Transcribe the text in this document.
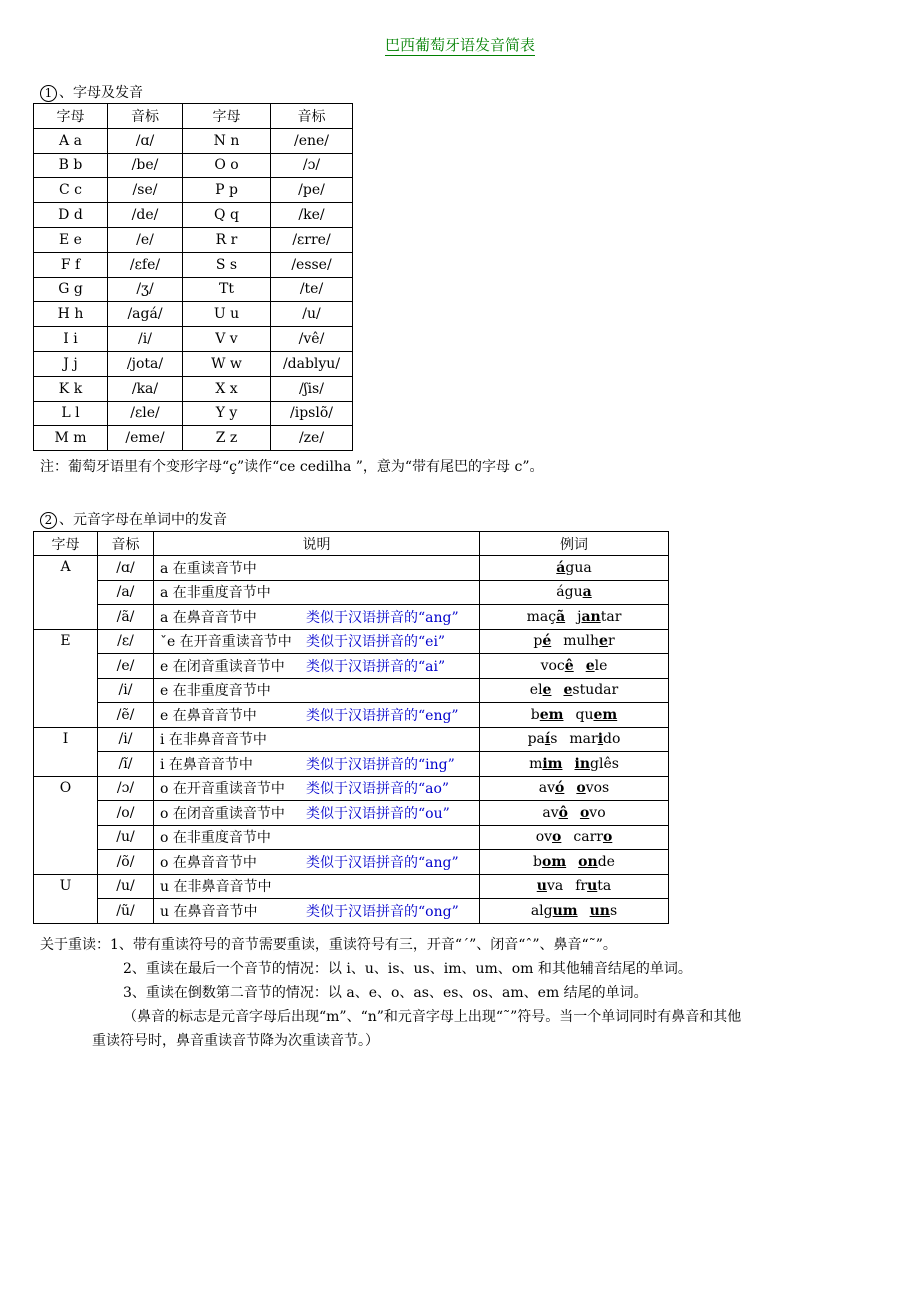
巴西葡萄牙语发音简表
1 、字母及发音
字母	音标	字母	音标
A a	/ɑ/	N n	/ene/
B b	/be/	O o	/ɔ/
C c	/se/	P p	/pe/
D d	/de/	Q q	/ke/
E e	/e/	R r	/εrre/
F f	/εfe/	S s	/esse/
G g	/ʒ/	Tt	/te/
H h	/agá/	U u	/u/
I i	/i/	V v	/vê/
J j	/jota/	W w	/dablyu/
K k	/ka/	X x	/ʃis/
L l	/εle/	Y y	/ipslõ/
M m	/eme/	Z z	/ze/
注：葡萄牙语里有个变形字母“ç”读作“ce cedilha ”，意为“带有尾巴的字母 c”。
2 、元音字母在单词中的发音
字母	音标	说明	例词
A	/ɑ/	a 在重读音节中	água
	/a/	a 在非重度音节中	água
	/ã/	a 在鼻音音节中 类似于汉语拼音的“ang”	maçã jantar
E	/ε/	ˇe 在开音重读音节中 类似于汉语拼音的“ei”	pé mulher
	/e/	e 在闭音重读音节中 类似于汉语拼音的“ai”	você ele
	/i/	e 在非重度音节中	ele estudar
	/ẽ/	e 在鼻音音节中 类似于汉语拼音的“eng”	bem quem
I	/i/	i 在非鼻音音节中	país marido
	/ĩ/	i 在鼻音音节中 类似于汉语拼音的“ing”	mim inglês
O	/ɔ/	o 在开音重读音节中 类似于汉语拼音的“ao”	avó ovos
	/o/	o 在闭音重读音节中 类似于汉语拼音的“ou”	avô ovo
	/u/	o 在非重度音节中	ovo carro
	/õ/	o 在鼻音音节中 类似于汉语拼音的“ang”	bom onde
U	/u/	u 在非鼻音音节中	uva fruta
	/ũ/	u 在鼻音音节中 类似于汉语拼音的“ong”	algum uns
关于重读：1、带有重读符号的音节需要重读，重读符号有三，开音“ˊ”、闭音“ˆ”、鼻音“˜”。
2、重读在最后一个音节的情况：以 i、u、is、us、im、um、om 和其他辅音结尾的单词。
3、重读在倒数第二音节的情况：以 a、e、o、as、es、os、am、em 结尾的单词。
（鼻音的标志是元音字母后出现“m”、“n”和元音字母上出现“˜”符号。当一个单词同时有鼻音和其他
重读符号时，鼻音重读音节降为次重读音节。）
